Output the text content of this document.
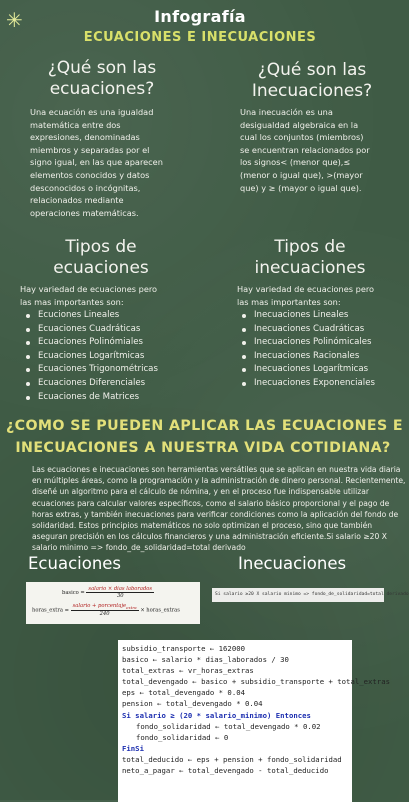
✳	Infografía
ECUACIONES E INECUACIONES
¿Qué son las
ecuaciones?
Una ecuación es una igualdad
matemática entre dos
expresiones, denominadas
miembros y separadas por el
signo igual, en las que aparecen
elementos conocidos y datos
desconocidos o incógnitas,
relacionados mediante
operaciones matemáticas.
¿Qué son las
Inecuaciones?
Una inecuación es una
desigualdad algebraica en la
cual los conjuntos (miembros)
se encuentran relacionados por
los signos< (menor que),≤
(menor o igual que), >(mayor
que) y ≥ (mayor o igual que).
Tipos de
ecuaciones
Hay variedad de ecuaciones pero
las mas importantes son:
Ecuciones Lineales
Ecuaciones Cuadráticas
Ecuaciones Polinómiales
Ecuaciones Logarítmicas
Ecuaciones Trigonométricas
Ecuaciones Diferenciales
Ecuaciones de Matrices
Tipos de
inecuaciones
Hay variedad de ecuaciones pero
las mas importantes son:
Inecuaciones Lineales
Inecuaciones Cuadráticas
Inecuaciones Polinómicales
Inecuaciones Racionales
Inecuaciones Logarítmicas
Inecuaciones Exponenciales
¿COMO SE PUEDEN APLICAR LAS ECUACIONES E
INECUACIONES A NUESTRA VIDA COTIDIANA?
Las ecuaciones e inecuaciones son herramientas versátiles que se aplican en nuestra vida diaria
en múltiples áreas, como la programación y la administración de dinero personal. Recientemente,
diseñé un algoritmo para el cálculo de nómina, y en el proceso fue indispensable utilizar
ecuaciones para calcular valores específicos, como el salario básico proporcional y el pago de
horas extras, y también inecuaciones para verificar condiciones como la aplicación del fondo de
solidaridad. Estos principios matemáticos no solo optimizan el proceso, sino que también
aseguran precisión en los cálculos financieros y una administración eficiente.Si salario ≥20 X
salario minimo => fondo_de_solidaridad=total derivado
Ecuaciones	Inecuaciones
basico = $\frac{\text{salario × dias laborados}}{30}$
horas_extra = $\frac{salario + porcentaje_{extra}}{240}$ × horas_extras
Si salario ≥20 X salario minimo => fondo_de_solidaridad=total derivado
subsidio_transporte ← 162000
basico ← salario * dias_laborados / 30
total_extras ← vr_horas_extras
total_devengado ← basico + subsidio_transporte + total_extras
eps ← total_devengado * 0.04
pension ← total_devengado * 0.04
Si salario ≥ (20 * salario_minimo) Entonces
fondo_solidaridad ← total_devengado * 0.02
fondo_solidaridad ← 0
FinSi
total_deducido ← eps + pension + fondo_solidaridad
neto_a_pagar ← total_devengado - total_deducido
